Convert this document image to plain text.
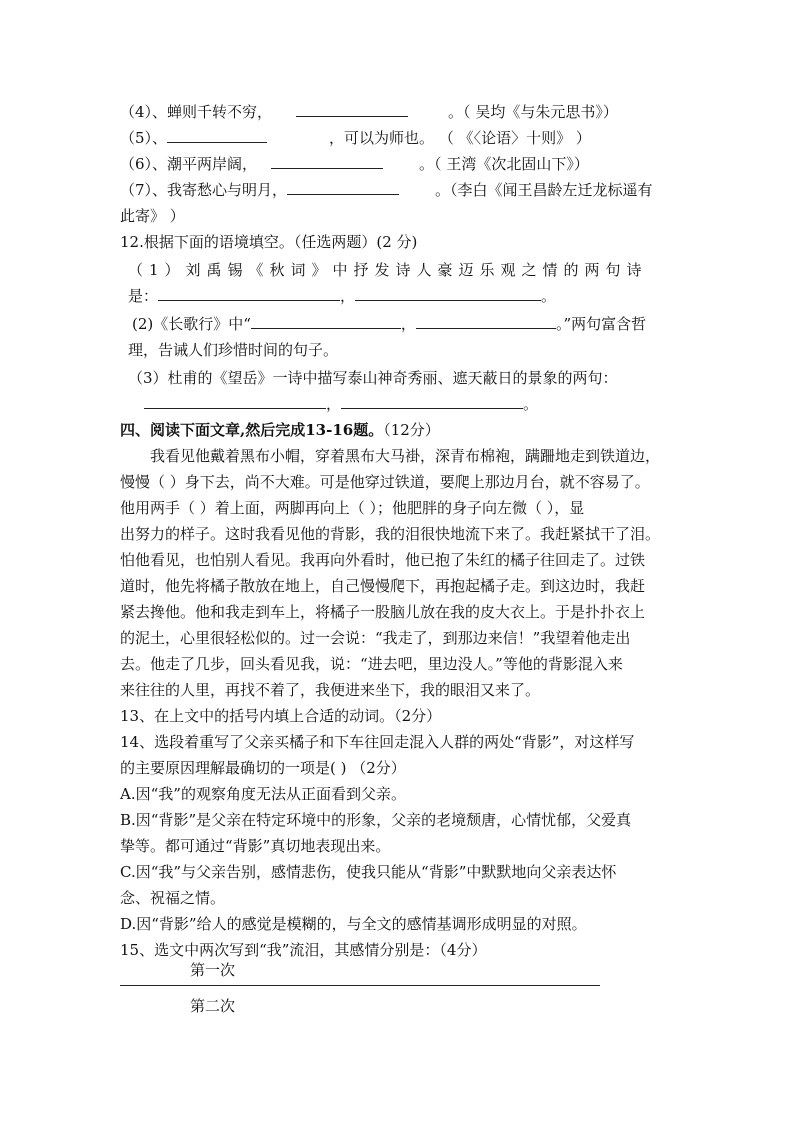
（4）、蝉则千转不穷，	。（ 吴均《与朱元思书》）
（5）、	，可以为师也。 （ 《〈论语〉十则》 ）
（6）、潮平两岸阔，	。（ 王湾《次北固山下》）
（7）、我寄愁心与明月，	。（李白《闻王昌龄左迁龙标遥有
此寄》 ）
12.根据下面的语境填空。（任选两题）(2 分)
（1）刘禹锡《秋词》中抒发诗人豪迈乐观之情的两句诗
是：	，	。
(2)《长歌行》中“	，	。”两句富含哲
理，告诫人们珍惜时间的句子。
（3）杜甫的《望岳》一诗中描写泰山神奇秀丽、遮天蔽日的景象的两句：
，	。
四、阅读下面文章,然后完成13-16题。（12分）
我看见他戴着黑布小帽，穿着黑布大马褂，深青布棉袍，蹒跚地走到铁道边，
慢慢（ ）身下去，尚不大难。可是他穿过铁道，要爬上那边月台，就不容易了。
他用两手（ ）着上面，两脚再向上（ ）；他肥胖的身子向左微（ ），显
出努力的样子。这时我看见他的背影，我的泪很快地流下来了。我赶紧拭干了泪。
怕他看见，也怕别人看见。我再向外看时，他已抱了朱红的橘子往回走了。过铁
道时，他先将橘子散放在地上，自己慢慢爬下，再抱起橘子走。到这边时，我赶
紧去搀他。他和我走到车上，将橘子一股脑儿放在我的皮大衣上。于是扑扑衣上
的泥土，心里很轻松似的。过一会说：“我走了，到那边来信！”我望着他走出
去。他走了几步，回头看见我，说：“进去吧，里边没人。”等他的背影混入来
来往往的人里，再找不着了，我便进来坐下，我的眼泪又来了。
13、在上文中的括号内填上合适的动词。（2分）
14、选段着重写了父亲买橘子和下车往回走混入人群的两处“背影”，对这样写
的主要原因理解最确切的一项是( ) （2分）
A.因“我”的观察角度无法从正面看到父亲。
B.因“背影”是父亲在特定环境中的形象，父亲的老境颓唐，心情忧郁，父爱真
挚等。都可通过“背影”真切地表现出来。
C.因“我”与父亲告别，感情悲伤，使我只能从“背影”中默默地向父亲表达怀
念、祝福之情。
D.因“背影”给人的感觉是模糊的，与全文的感情基调形成明显的对照。
15、选文中两次写到“我”流泪，其感情分别是：（4分）
第一次
第二次
